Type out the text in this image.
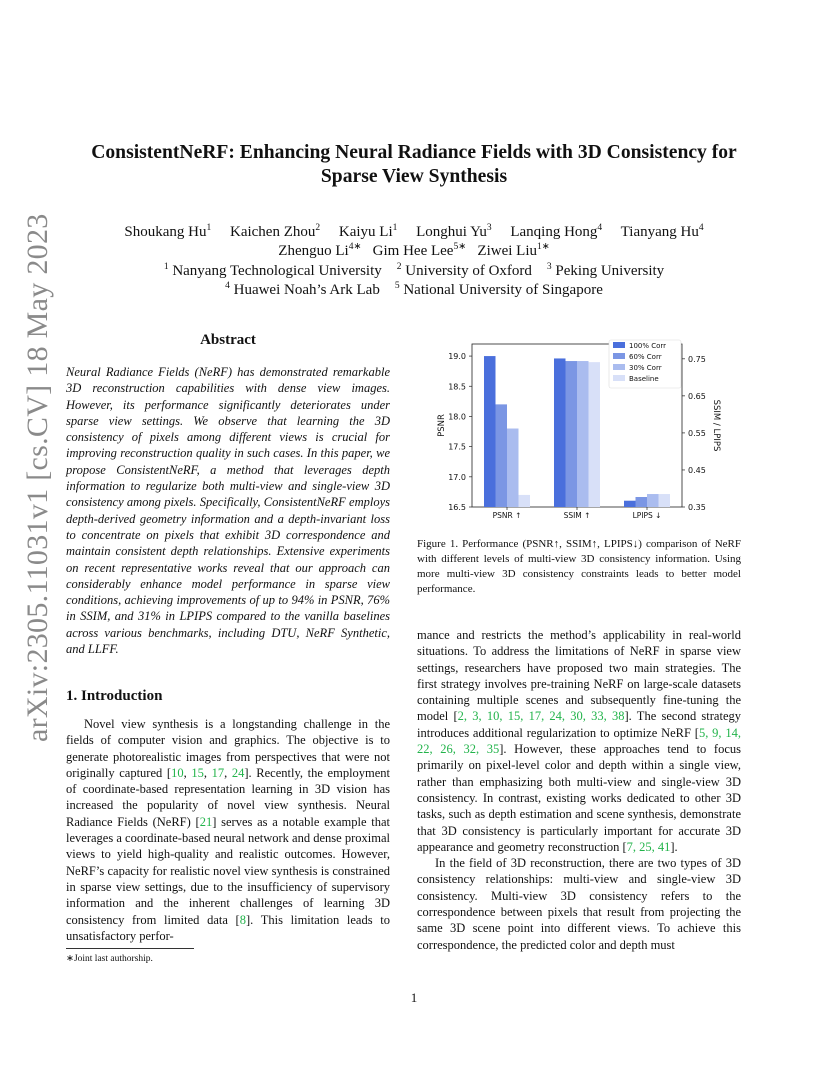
arXiv:2305.11031v1 [cs.CV] 18 May 2023
ConsistentNeRF: Enhancing Neural Radiance Fields with 3D Consistency for
Sparse View Synthesis
Shoukang Hu$^1$ Kaichen Zhou$^2$ Kaiyu Li$^1$ Longhui Yu$^3$ Lanqing Hong$^4$ Tianyang Hu$^4$
Zhenguo $Li^{4∗}$ Gim Hee Lee$^{5∗}$ Ziwei Liu$^{1∗}$
$^1$ Nanyang Technological University $^2$ University of Oxford $^3$ Peking University
$^4$ Huawei Noah’s Ark Lab $^5$ National University of Singapore
Abstract
Neural Radiance Fields (NeRF) has demonstrated remarkable 3D reconstruction capabilities with dense view images. However, its performance significantly deteriorates under sparse view settings. We observe that learning the 3D consistency of pixels among different views is crucial for improving reconstruction quality in such cases. In this paper, we propose ConsistentNeRF, a method that leverages depth information to regularize both multi-view and single-view 3D consistency among pixels. Specifically, ConsistentNeRF employs depth-derived geometry information and a depth-invariant loss to concentrate on pixels that exhibit 3D correspondence and maintain consistent depth relationships. Extensive experiments on recent representative works reveal that our approach can considerably enhance model performance in sparse view conditions, achieving improvements of up to 94% in PSNR, 76% in SSIM, and 31% in LPIPS compared to the vanilla baselines across various benchmarks, including DTU, NeRF Synthetic, and LLFF.
1. Introduction

Novel view synthesis is a longstanding challenge in the fields of computer vision and graphics. The objective is to generate photorealistic images from perspectives that were not originally captured [10, 15, 17, 24]. Recently, the employment of coordinate-based representation learning in 3D vision has increased the popularity of novel view synthesis. Neural Radiance Fields (NeRF) [21] serves as a notable example that leverages a coordinate-based neural network and dense proximal views to yield high-quality and realistic outcomes. However, NeRF’s capacity for realistic novel view synthesis is constrained in sparse view settings, due to the insufficiency of supervisory information and the inherent challenges of learning 3D consistency from limited data [8]. This limitation leads to unsatisfactory perfor-

∗Joint last authorship.
16.5
17.0
17.5
18.0
18.5
19.0
0.35
0.45
0.55
0.65
0.75
PSNR	SSIM / LPIPS
PSNR ↑	SSIM ↑	LPIPS ↓
100% Corr
60% Corr
30% Corr
Baseline
Figure 1. Performance (PSNR↑, SSIM↑, LPIPS↓) comparison of NeRF with different levels of multi-view 3D consistency information. Using more multi-view 3D consistency constraints leads to better model performance.

mance and restricts the method’s applicability in real-world situations. To address the limitations of NeRF in sparse view settings, researchers have proposed two main strategies. The first strategy involves pre-training NeRF on large-scale datasets containing multiple scenes and subsequently fine-tuning the model [2, 3, 10, 15, 17, 24, 30, 33, 38]. The second strategy introduces additional regularization to optimize NeRF [5, 9, 14, 22, 26, 32, 35]. However, these approaches tend to focus primarily on pixel-level color and depth within a single view, rather than emphasizing both multi-view and single-view 3D consistency. In contrast, existing works dedicated to other 3D tasks, such as depth estimation and scene synthesis, demonstrate that 3D consistency is particularly important for accurate 3D appearance and geometry reconstruction [7, 25, 41].

In the field of 3D reconstruction, there are two types of 3D consistency relationships: multi-view and single-view 3D consistency. Multi-view 3D consistency refers to the correspondence between pixels that result from projecting the same 3D scene point into different views. To achieve this correspondence, the predicted color and depth must

1
